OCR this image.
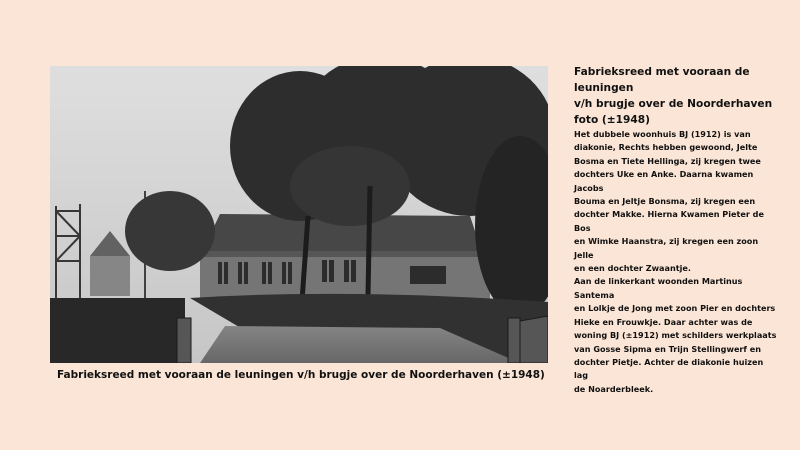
Fabrieksreed met vooraan de leuningen v/h brugje over de Noorderhaven (±1948)
Fabrieksreed met vooraan de leuningen
v/h brugje over de Noorderhaven
foto (±1948)

Het dubbele woonhuis BJ (1912) is van
diakonie, Rechts hebben gewoond, Jelte
Bosma en Tiete Hellinga, zij kregen twee
dochters Uke en Anke. Daarna kwamen Jacobs
Bouma en Jeltje Bonsma, zij kregen een
dochter Makke. Hierna Kwamen Pieter de Bos
en Wimke Haanstra, zij kregen een zoon Jelle
en een dochter Zwaantje.

Aan de linkerkant woonden Martinus Santema
en Lolkje de Jong met zoon Pier en dochters
Hieke en Frouwkje. Daar achter was de
woning BJ (±1912) met schilders werkplaats
van Gosse Sipma en Trijn Stellingwerf en
dochter Pietje. Achter de diakonie huizen lag
de Noarderbleek.
